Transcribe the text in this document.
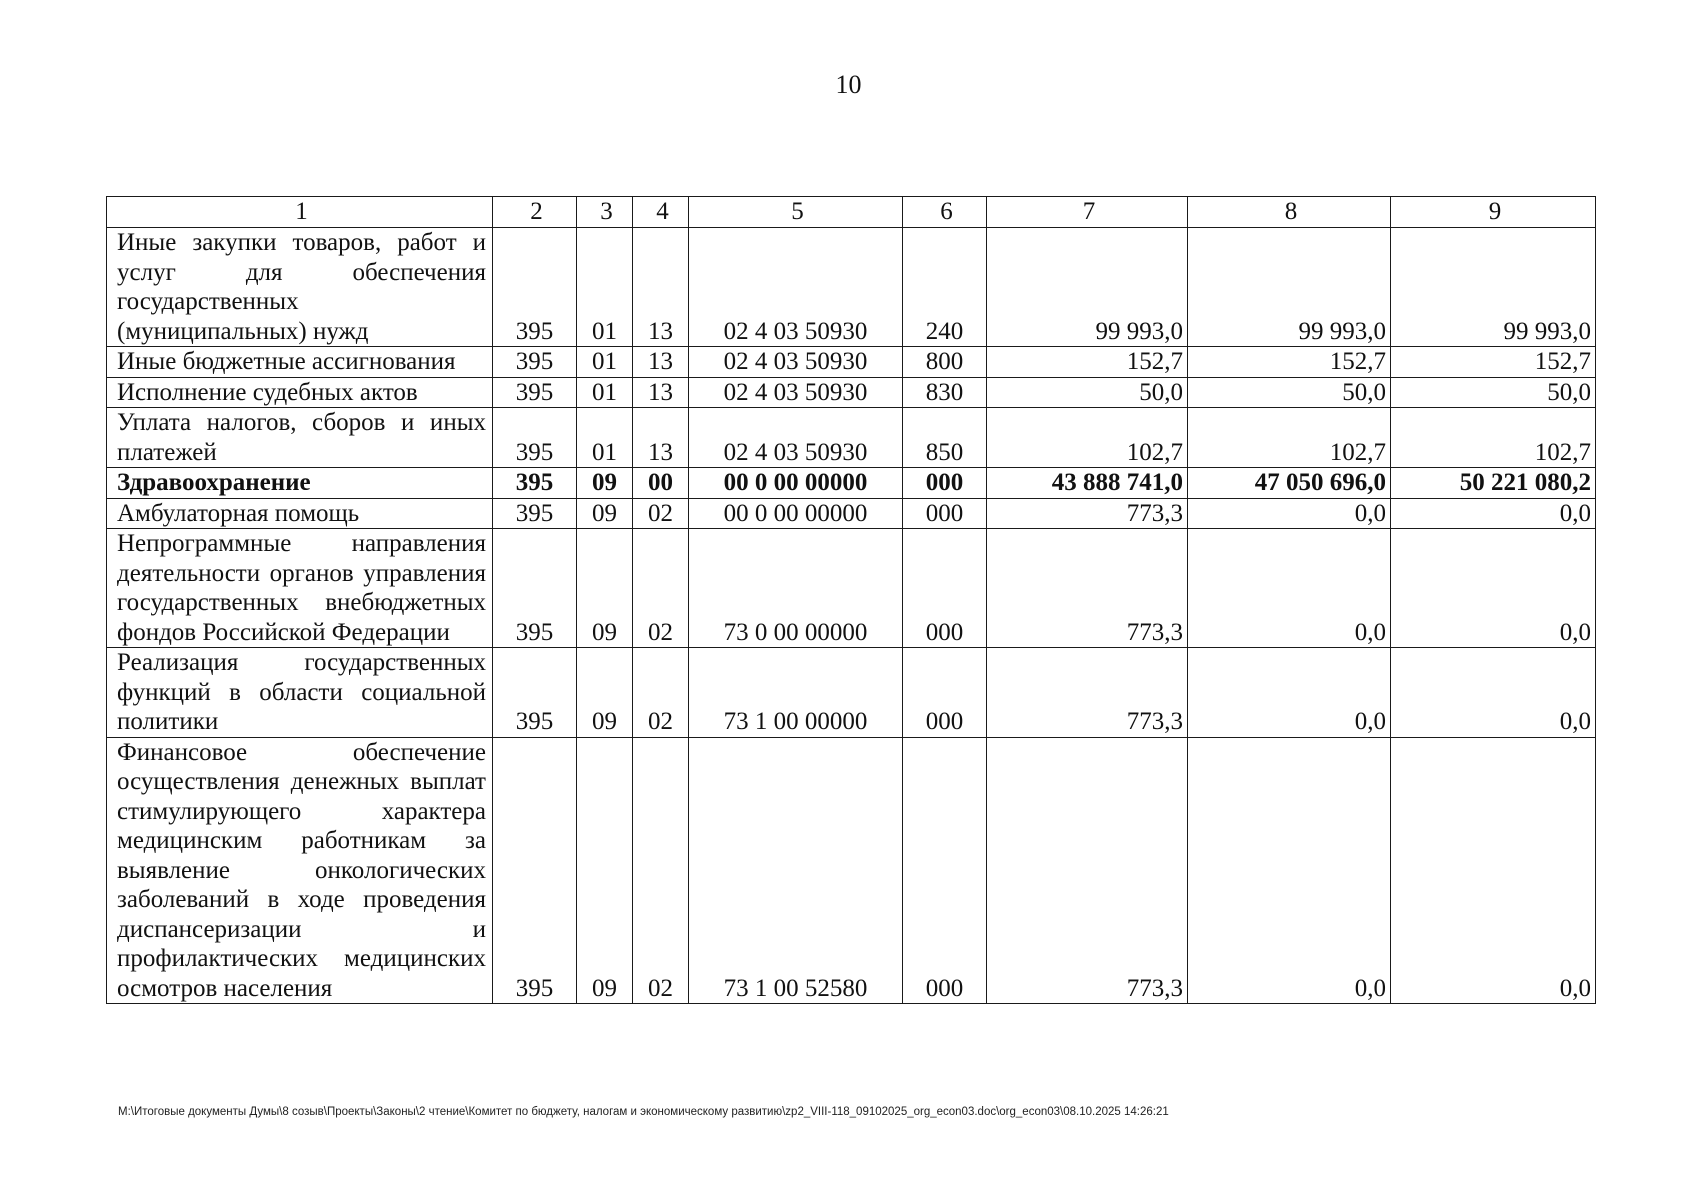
10
1	2	3	4	5	6	7	8	9
Иные закупки товаров, работ и услуг для обеспечения государственных (муниципальных) нужд	395	01	13	02 4 03 50930	240	99 993,0	99 993,0	99 993,0
Иные бюджетные ассигнования	395	01	13	02 4 03 50930	800	152,7	152,7	152,7
Исполнение судебных актов	395	01	13	02 4 03 50930	830	50,0	50,0	50,0
Уплата налогов, сборов и иных платежей	395	01	13	02 4 03 50930	850	102,7	102,7	102,7
Здравоохранение	395	09	00	00 0 00 00000	000	43 888 741,0	47 050 696,0	50 221 080,2
Амбулаторная помощь	395	09	02	00 0 00 00000	000	773,3	0,0	0,0
Непрограммные направления деятельности органов управления государственных внебюджетных фондов Российской Федерации	395	09	02	73 0 00 00000	000	773,3	0,0	0,0
Реализация государственных функций в области социальной политики	395	09	02	73 1 00 00000	000	773,3	0,0	0,0
Финансовое обеспечение осуществления денежных выплат стимулирующего характера медицинским работникам за выявление онкологических заболеваний в ходе проведения диспансеризации и профилактических медицинских осмотров населения	395	09	02	73 1 00 52580	000	773,3	0,0	0,0
M:\Итоговые документы Думы\8 созыв\Проекты\Законы\2 чтение\Комитет по бюджету, налогам и экономическому развитию\zp2_VIII-118_09102025_org_econ03.doc\org_econ03\08.10.2025 14:26:21
